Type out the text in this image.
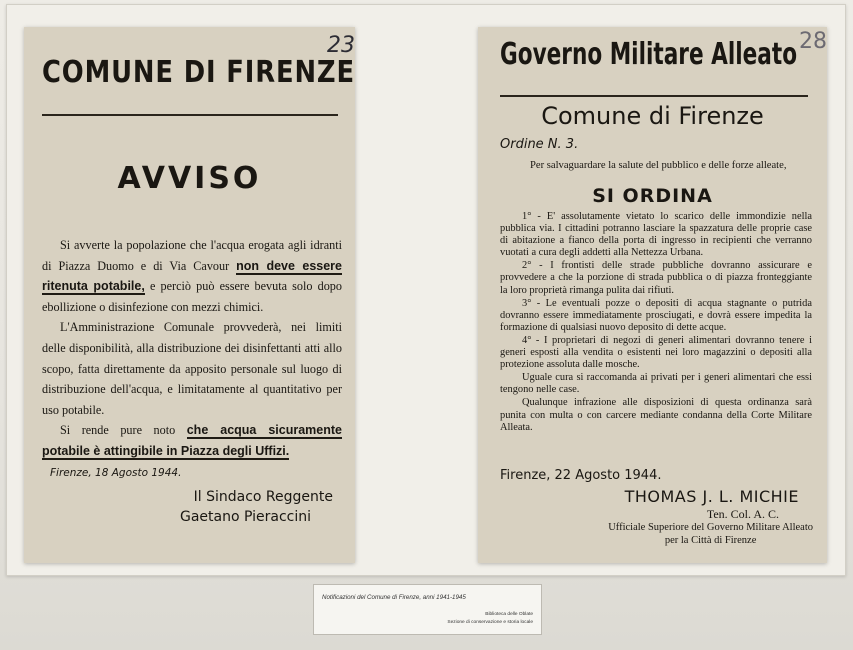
23
COMUNE DI FIRENZE
AVVISO

Si avverte la popolazione che l'acqua erogata agli idranti di Piazza Duomo e di Via Cavour non deve essere ritenuta potabile, e perciò può essere bevuta solo dopo ebollizione o disinfezione con mezzi chimici.

L'Amministrazione Comunale provvederà, nei limiti delle disponibilità, alla distribuzione dei disinfettanti atti allo scopo, fatta direttamente da apposito personale sul luogo di distribuzione dell'acqua, e limitatamente al quantitativo per uso potabile.

Si rende pure noto che acqua sicuramente potabile è attingibile in Piazza degli Uffizi.

Firenze, 18 Agosto 1944.
Il Sindaco Reggente
Gaetano Pieraccini
Governo Militare Alleato 28
Comune di Firenze
Ordine N. 3.
Per salvaguardare la salute del pubblico e delle forze alleate,
SI ORDINA

1° - E' assolutamente vietato lo scarico delle immondizie nella pubblica via. I cittadini potranno lasciare la spazzatura delle proprie case di abitazione a fianco della porta di ingresso in recipienti che verranno vuotati a cura degli addetti alla Nettezza Urbana.

2° - I frontisti delle strade pubbliche dovranno assicurare e provvedere a che la porzione di strada pubblica o di piazza fronteggiante la loro proprietà rimanga pulita dai rifiuti.

3° - Le eventuali pozze o depositi di acqua stagnante o putrida dovranno essere immediatamente prosciugati, e dovrà essere impedita la formazione di qualsiasi nuovo deposito di dette acque.

4° - I proprietari di negozi di generi alimentari dovranno tenere i generi esposti alla vendita o esistenti nei loro magazzini o depositi alla protezione assoluta dalle mosche.

Uguale cura si raccomanda ai privati per i generi alimentari che essi tengono nelle case.

Qualunque infrazione alle disposizioni di questa ordinanza sarà punita con multa o con carcere mediante condanna della Corte Militare Alleata.

Firenze, 22 Agosto 1944.
THOMAS J. L. MICHIE
Ten. Col. A. C.
Ufficiale Superiore del Governo Militare Alleato
per la Città di Firenze
Notificazioni del Comune di Firenze, anni 1941-1945
Biblioteca delle Oblate
Sezione di conservazione e storia locale
